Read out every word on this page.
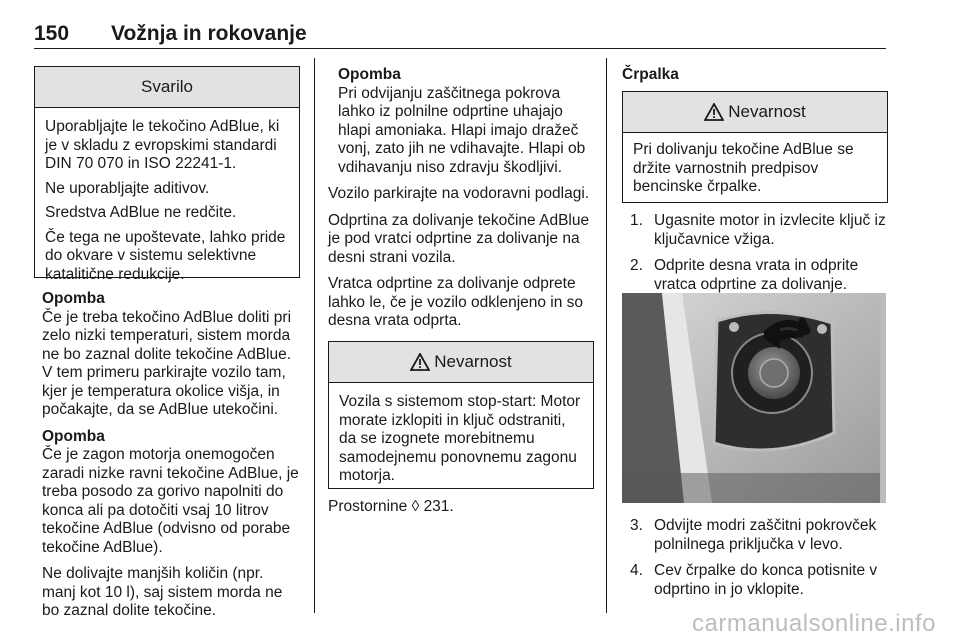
150 Vožnja in rokovanje
Svarilo

Uporabljajte le tekočino AdBlue, ki je v skladu z evropskimi standardi DIN 70 070 in ISO 22241-1.

Ne uporabljajte aditivov.

Sredstva AdBlue ne redčite.

Če tega ne upoštevate, lahko pride do okvare v sistemu selektivne katalitične redukcije.

Opomba

Če je treba tekočino AdBlue doliti pri zelo nizki temperaturi, sistem morda ne bo zaznal dolite tekočine AdBlue. V tem primeru parkirajte vozilo tam, kjer je temperatura okolice višja, in počakajte, da se AdBlue utekočini.

Opomba

Če je zagon motorja onemogočen zaradi nizke ravni tekočine AdBlue, je treba posodo za gorivo napolniti do konca ali pa dotočiti vsaj 10 litrov tekočine AdBlue (odvisno od porabe tekočine AdBlue).

Ne dolivajte manjših količin (npr. manj kot 10 l), saj sistem morda ne bo zaznal dolite tekočine.

Opomba

Pri odvijanju zaščitnega pokrova lahko iz polnilne odprtine uhajajo hlapi amoniaka. Hlapi imajo dražeč vonj, zato jih ne vdihavajte. Hlapi ob vdihavanju niso zdravju škodljivi.

Vozilo parkirajte na vodoravni podlagi.

Odprtina za dolivanje tekočine AdBlue je pod vratci odprtine za dolivanje na desni strani vozila.

Vratca odprtine za dolivanje odprete lahko le, če je vozilo odklenjeno in so desna vrata odprta.

Nevarnost

Vozila s sistemom stop-start: Motor morate izklopiti in ključ odstraniti, da se izognete morebitnemu samodejnemu ponovnemu zagonu motorja.

Prostornine ◊ 231.

Črpalka

Nevarnost

Pri dolivanju tekočine AdBlue se držite varnostnih predpisov bencinske črpalke.

1. Ugasnite motor in izvlecite ključ iz ključavnice vžiga.
2. Odprite desna vrata in odprite vratca odprtine za dolivanje.
3. Odvijte modri zaščitni pokrovček polnilnega priključka v levo.
4. Cev črpalke do konca potisnite v odprtino in jo vklopite.
carmanualsonline.info
